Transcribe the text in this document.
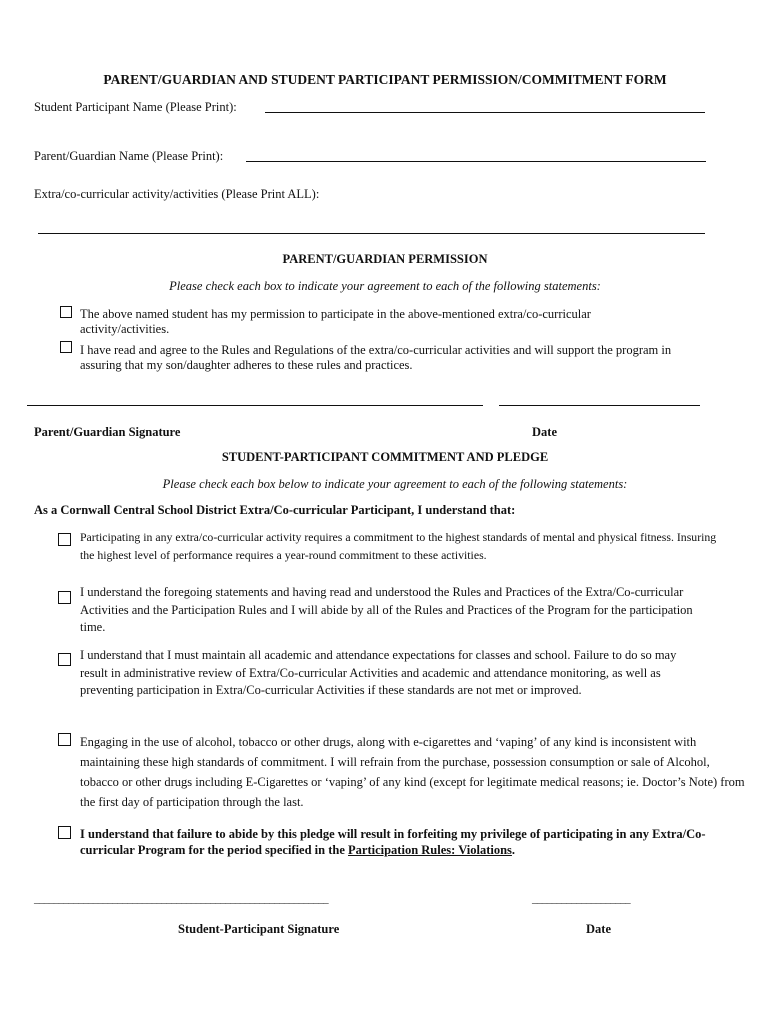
PARENT/GUARDIAN AND STUDENT PARTICIPANT PERMISSION/COMMITMENT FORM
Student Participant Name (Please Print):
Parent/Guardian Name (Please Print):
Extra/co-curricular activity/activities (Please Print ALL):
PARENT/GUARDIAN PERMISSION
Please check each box to indicate your agreement to each of the following statements:
The above named student has my permission to participate in the above-mentioned extra/co-curricular activity/activities.
I have read and agree to the Rules and Regulations of the extra/co-curricular activities and will support the program in assuring that my son/daughter adheres to these rules and practices.
Parent/Guardian Signature	Date
STUDENT-PARTICIPANT COMMITMENT AND PLEDGE
Please check each box below to indicate your agreement to each of the following statements:
As a Cornwall Central School District Extra/Co-curricular Participant, I understand that:
Participating in any extra/co-curricular activity requires a commitment to the highest standards of mental and physical fitness. Insuring the highest level of performance requires a year-round commitment to these activities.
I understand the foregoing statements and having read and understood the Rules and Practices of the Extra/Co-curricular Activities and the Participation Rules and I will abide by all of the Rules and Practices of the Program for the participation time.
I understand that I must maintain all academic and attendance expectations for classes and school. Failure to do so may result in administrative review of Extra/Co-curricular Activities and academic and attendance monitoring, as well as preventing participation in Extra/Co-curricular Activities if these standards are not met or improved.
Engaging in the use of alcohol, tobacco or other drugs, along with e-cigarettes and ‘vaping’ of any kind is inconsistent with maintaining these high standards of commitment. I will refrain from the purchase, possession consumption or sale of Alcohol, tobacco or other drugs including E-Cigarettes or ‘vaping’ of any kind (except for legitimate medical reasons; ie. Doctor’s Note) from the first day of participation through the last.
I understand that failure to abide by this pledge will result in forfeiting my privilege of participating in any Extra/Co-curricular Program for the period specified in the Participation Rules: Violations.
____________________________________________________________	____________________
Student-Participant Signature	Date
